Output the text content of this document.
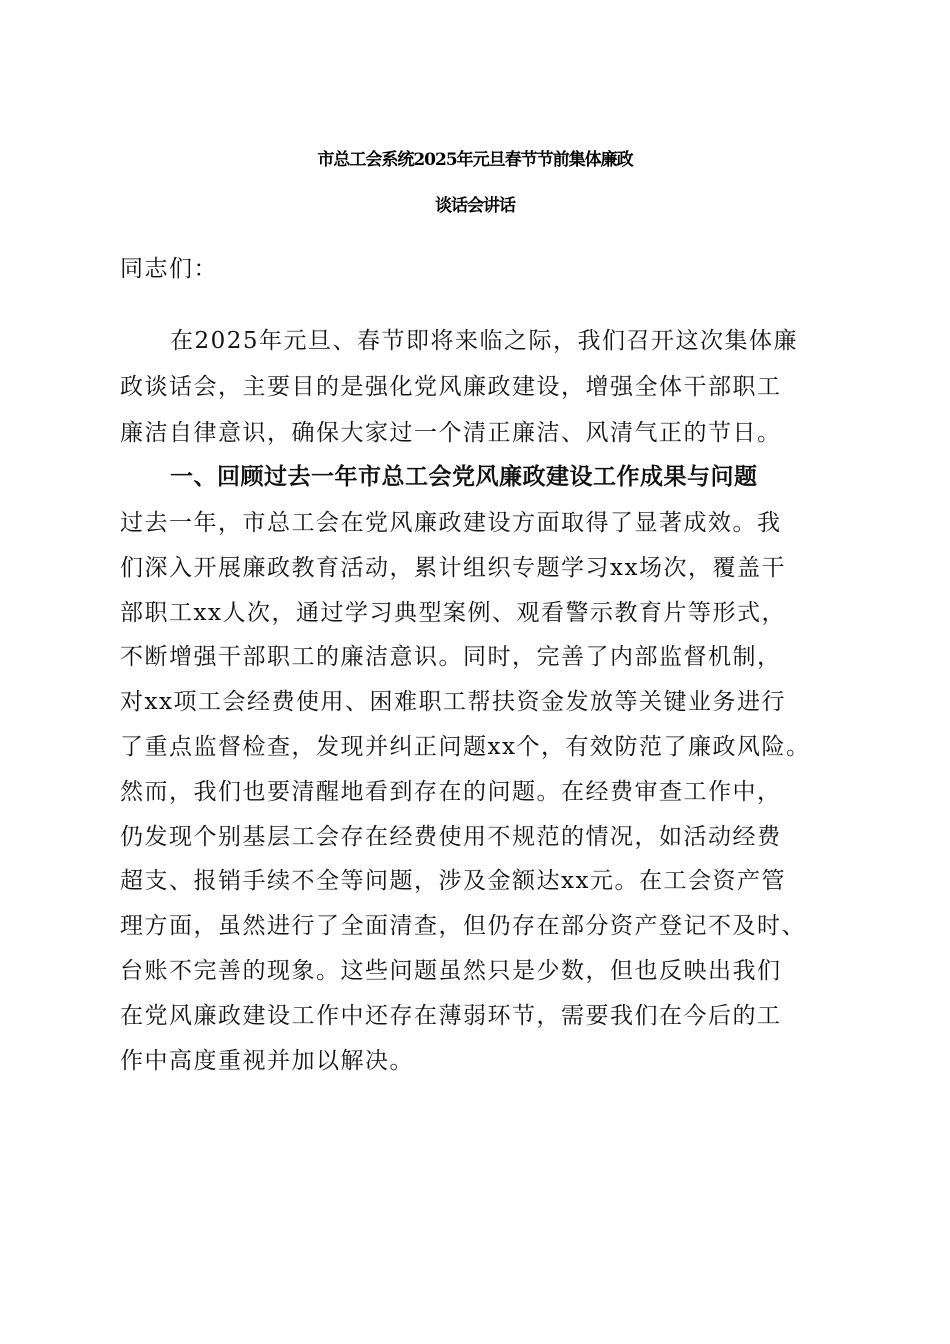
市总工会系统2025年元旦春节节前集体廉政
谈话会讲话
同志们：
在2025年元旦、春节即将来临之际，我们召开这次集体廉
政谈话会，主要目的是强化党风廉政建设，增强全体干部职工
廉洁自律意识，确保大家过一个清正廉洁、风清气正的节日。
一、回顾过去一年市总工会党风廉政建设工作成果与问题
过去一年，市总工会在党风廉政建设方面取得了显著成效。我
们深入开展廉政教育活动，累计组织专题学习xx场次，覆盖干
部职工xx人次，通过学习典型案例、观看警示教育片等形式，
不断增强干部职工的廉洁意识。同时，完善了内部监督机制，
对xx项工会经费使用、困难职工帮扶资金发放等关键业务进行
了重点监督检查，发现并纠正问题xx个，有效防范了廉政风险。
然而，我们也要清醒地看到存在的问题。在经费审查工作中，
仍发现个别基层工会存在经费使用不规范的情况，如活动经费
超支、报销手续不全等问题，涉及金额达xx元。在工会资产管
理方面，虽然进行了全面清查，但仍存在部分资产登记不及时、
台账不完善的现象。这些问题虽然只是少数，但也反映出我们
在党风廉政建设工作中还存在薄弱环节，需要我们在今后的工
作中高度重视并加以解决。
